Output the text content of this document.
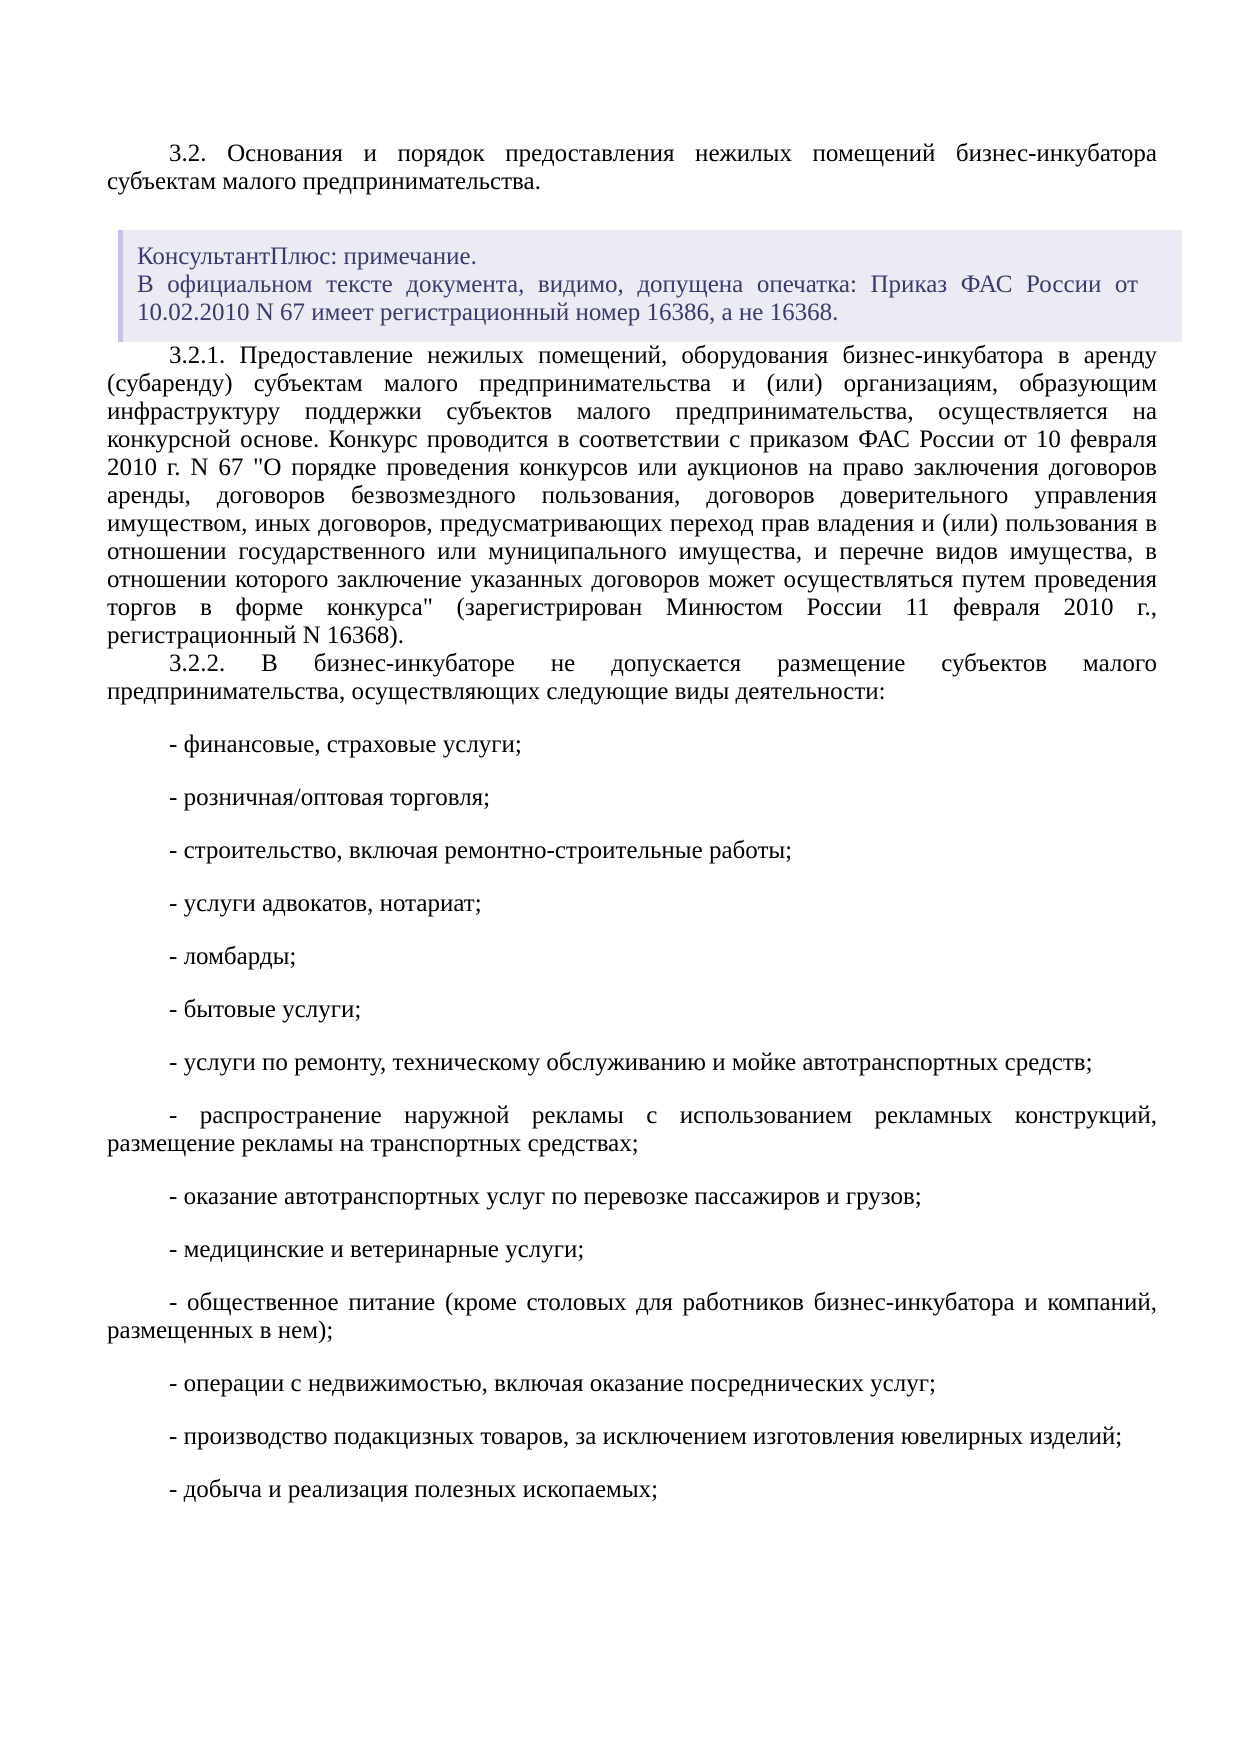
3.2. Основания и порядок предоставления нежилых помещений бизнес-инкубатора субъектам малого предпринимательства.

КонсультантПлюс: примечание.

В официальном тексте документа, видимо, допущена опечатка: Приказ ФАС России от 10.02.2010 N 67 имеет регистрационный номер 16386, а не 16368.

3.2.1. Предоставление нежилых помещений, оборудования бизнес-инкубатора в аренду (субаренду) субъектам малого предпринимательства и (или) организациям, образующим инфраструктуру поддержки субъектов малого предпринимательства, осуществляется на конкурсной основе. Конкурс проводится в соответствии с приказом ФАС России от 10 февраля 2010 г. N 67 "О порядке проведения конкурсов или аукционов на право заключения договоров аренды, договоров безвозмездного пользования, договоров доверительного управления имуществом, иных договоров, предусматривающих переход прав владения и (или) пользования в отношении государственного или муниципального имущества, и перечне видов имущества, в отношении которого заключение указанных договоров может осуществляться путем проведения торгов в форме конкурса" (зарегистрирован Минюстом России 11 февраля 2010 г., регистрационный N 16368).

3.2.2. В бизнес-инкубаторе не допускается размещение субъектов малого предпринимательства, осуществляющих следующие виды деятельности:

- финансовые, страховые услуги;

- розничная/оптовая торговля;

- строительство, включая ремонтно-строительные работы;

- услуги адвокатов, нотариат;

- ломбарды;

- бытовые услуги;

- услуги по ремонту, техническому обслуживанию и мойке автотранспортных средств;

- распространение наружной рекламы с использованием рекламных конструкций, размещение рекламы на транспортных средствах;

- оказание автотранспортных услуг по перевозке пассажиров и грузов;

- медицинские и ветеринарные услуги;

- общественное питание (кроме столовых для работников бизнес-инкубатора и компаний, размещенных в нем);

- операции с недвижимостью, включая оказание посреднических услуг;

- производство подакцизных товаров, за исключением изготовления ювелирных изделий;

- добыча и реализация полезных ископаемых;
